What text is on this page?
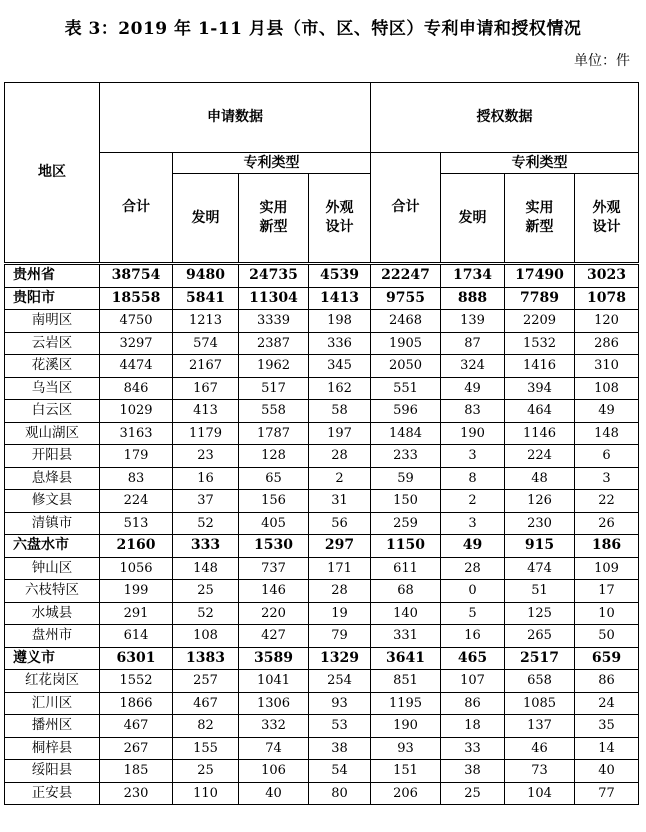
表 3：2019 年 1-11 月县（市、区、特区）专利申请和授权情况
单位：件
地区	申请数据				授权数据			
	合计	专利类型			合计	专利类型		
		发明	实用新型	外观设计		发明	实用新型	外观设计
贵州省	38754	9480	24735	4539	22247	1734	17490	3023
贵阳市	18558	5841	11304	1413	9755	888	7789	1078
南明区	4750	1213	3339	198	2468	139	2209	120
云岩区	3297	574	2387	336	1905	87	1532	286
花溪区	4474	2167	1962	345	2050	324	1416	310
乌当区	846	167	517	162	551	49	394	108
白云区	1029	413	558	58	596	83	464	49
观山湖区	3163	1179	1787	197	1484	190	1146	148
开阳县	179	23	128	28	233	3	224	6
息烽县	83	16	65	2	59	8	48	3
修文县	224	37	156	31	150	2	126	22
清镇市	513	52	405	56	259	3	230	26
六盘水市	2160	333	1530	297	1150	49	915	186
钟山区	1056	148	737	171	611	28	474	109
六枝特区	199	25	146	28	68	0	51	17
水城县	291	52	220	19	140	5	125	10
盘州市	614	108	427	79	331	16	265	50
遵义市	6301	1383	3589	1329	3641	465	2517	659
红花岗区	1552	257	1041	254	851	107	658	86
汇川区	1866	467	1306	93	1195	86	1085	24
播州区	467	82	332	53	190	18	137	35
桐梓县	267	155	74	38	93	33	46	14
绥阳县	185	25	106	54	151	38	73	40
正安县	230	110	40	80	206	25	104	77
